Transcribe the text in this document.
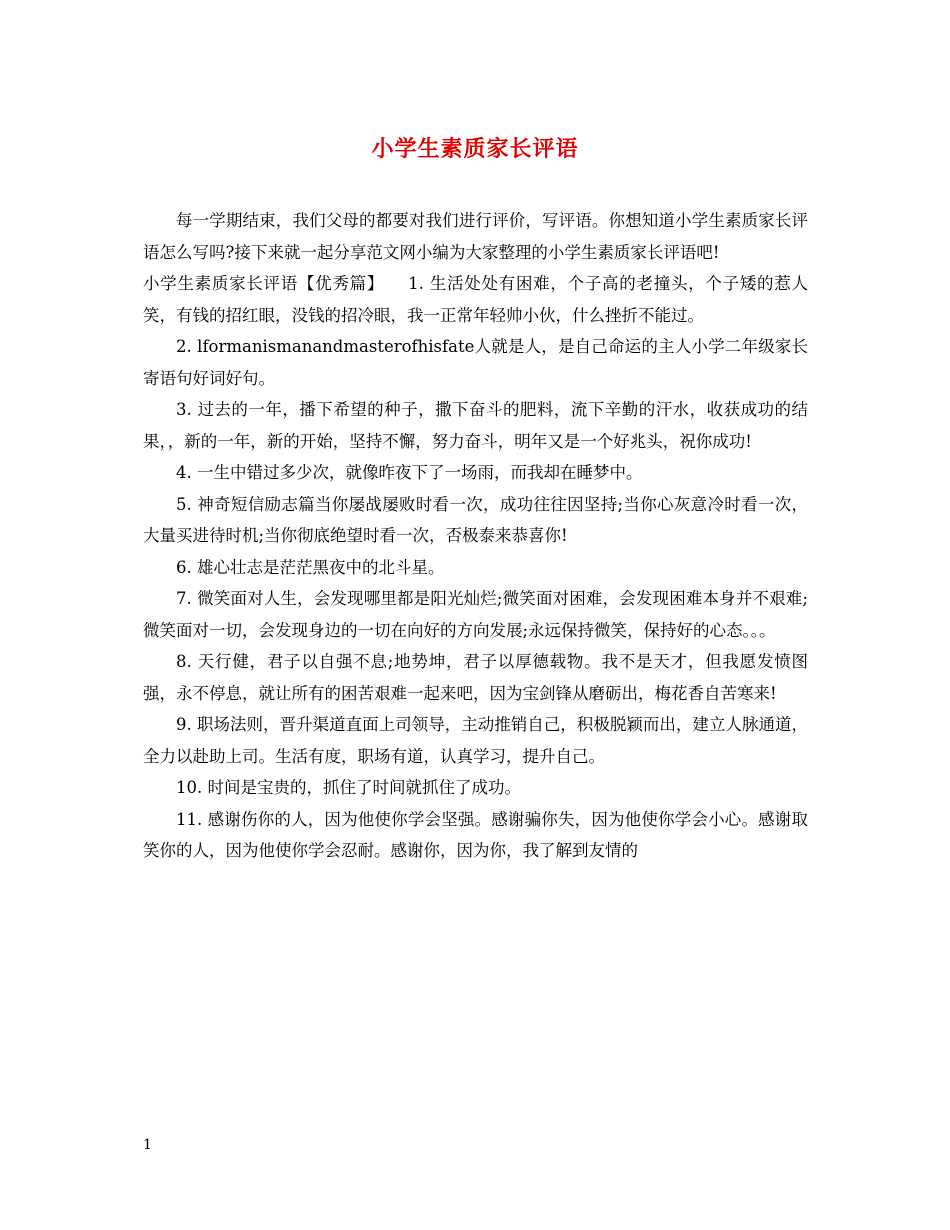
小学生素质家长评语

每一学期结束，我们父母的都要对我们进行评价，写评语。你想知道小学生素质家长评语怎么写吗?接下来就一起分享范文网小编为大家整理的小学生素质家长评语吧!

小学生素质家长评语【优秀篇】 1. 生活处处有困难，个子高的老撞头，个子矮的惹人笑，有钱的招红眼，没钱的招冷眼，我一正常年轻帅小伙，什么挫折不能过。

2. lformanismanandmasterofhisfate人就是人，是自己命运的主人小学二年级家长寄语句好词好句。

3. 过去的一年，播下希望的种子，撒下奋斗的肥料，流下辛勤的汗水，收获成功的结果，，新的一年，新的开始，坚持不懈，努力奋斗，明年又是一个好兆头，祝你成功!

4. 一生中错过多少次，就像昨夜下了一场雨，而我却在睡梦中。

5. 神奇短信励志篇当你屡战屡败时看一次，成功往往因坚持;当你心灰意冷时看一次，大量买进待时机;当你彻底绝望时看一次，否极泰来恭喜你!

6. 雄心壮志是茫茫黑夜中的北斗星。

7. 微笑面对人生，会发现哪里都是阳光灿烂;微笑面对困难，会发现困难本身并不艰难;微笑面对一切，会发现身边的一切在向好的方向发展;永远保持微笑，保持好的心态。。。

8. 天行健，君子以自强不息;地势坤，君子以厚德载物。我不是天才，但我愿发愤图强，永不停息，就让所有的困苦艰难一起来吧，因为宝剑锋从磨砺出，梅花香自苦寒来!

9. 职场法则，晋升渠道直面上司领导，主动推销自己，积极脱颖而出，建立人脉通道，全力以赴助上司。生活有度，职场有道，认真学习，提升自己。

10. 时间是宝贵的，抓住了时间就抓住了成功。

11. 感谢伤你的人，因为他使你学会坚强。感谢骗你失，因为他使你学会小心。感谢取笑你的人，因为他使你学会忍耐。感谢你，因为你，我了解到友情的

1
